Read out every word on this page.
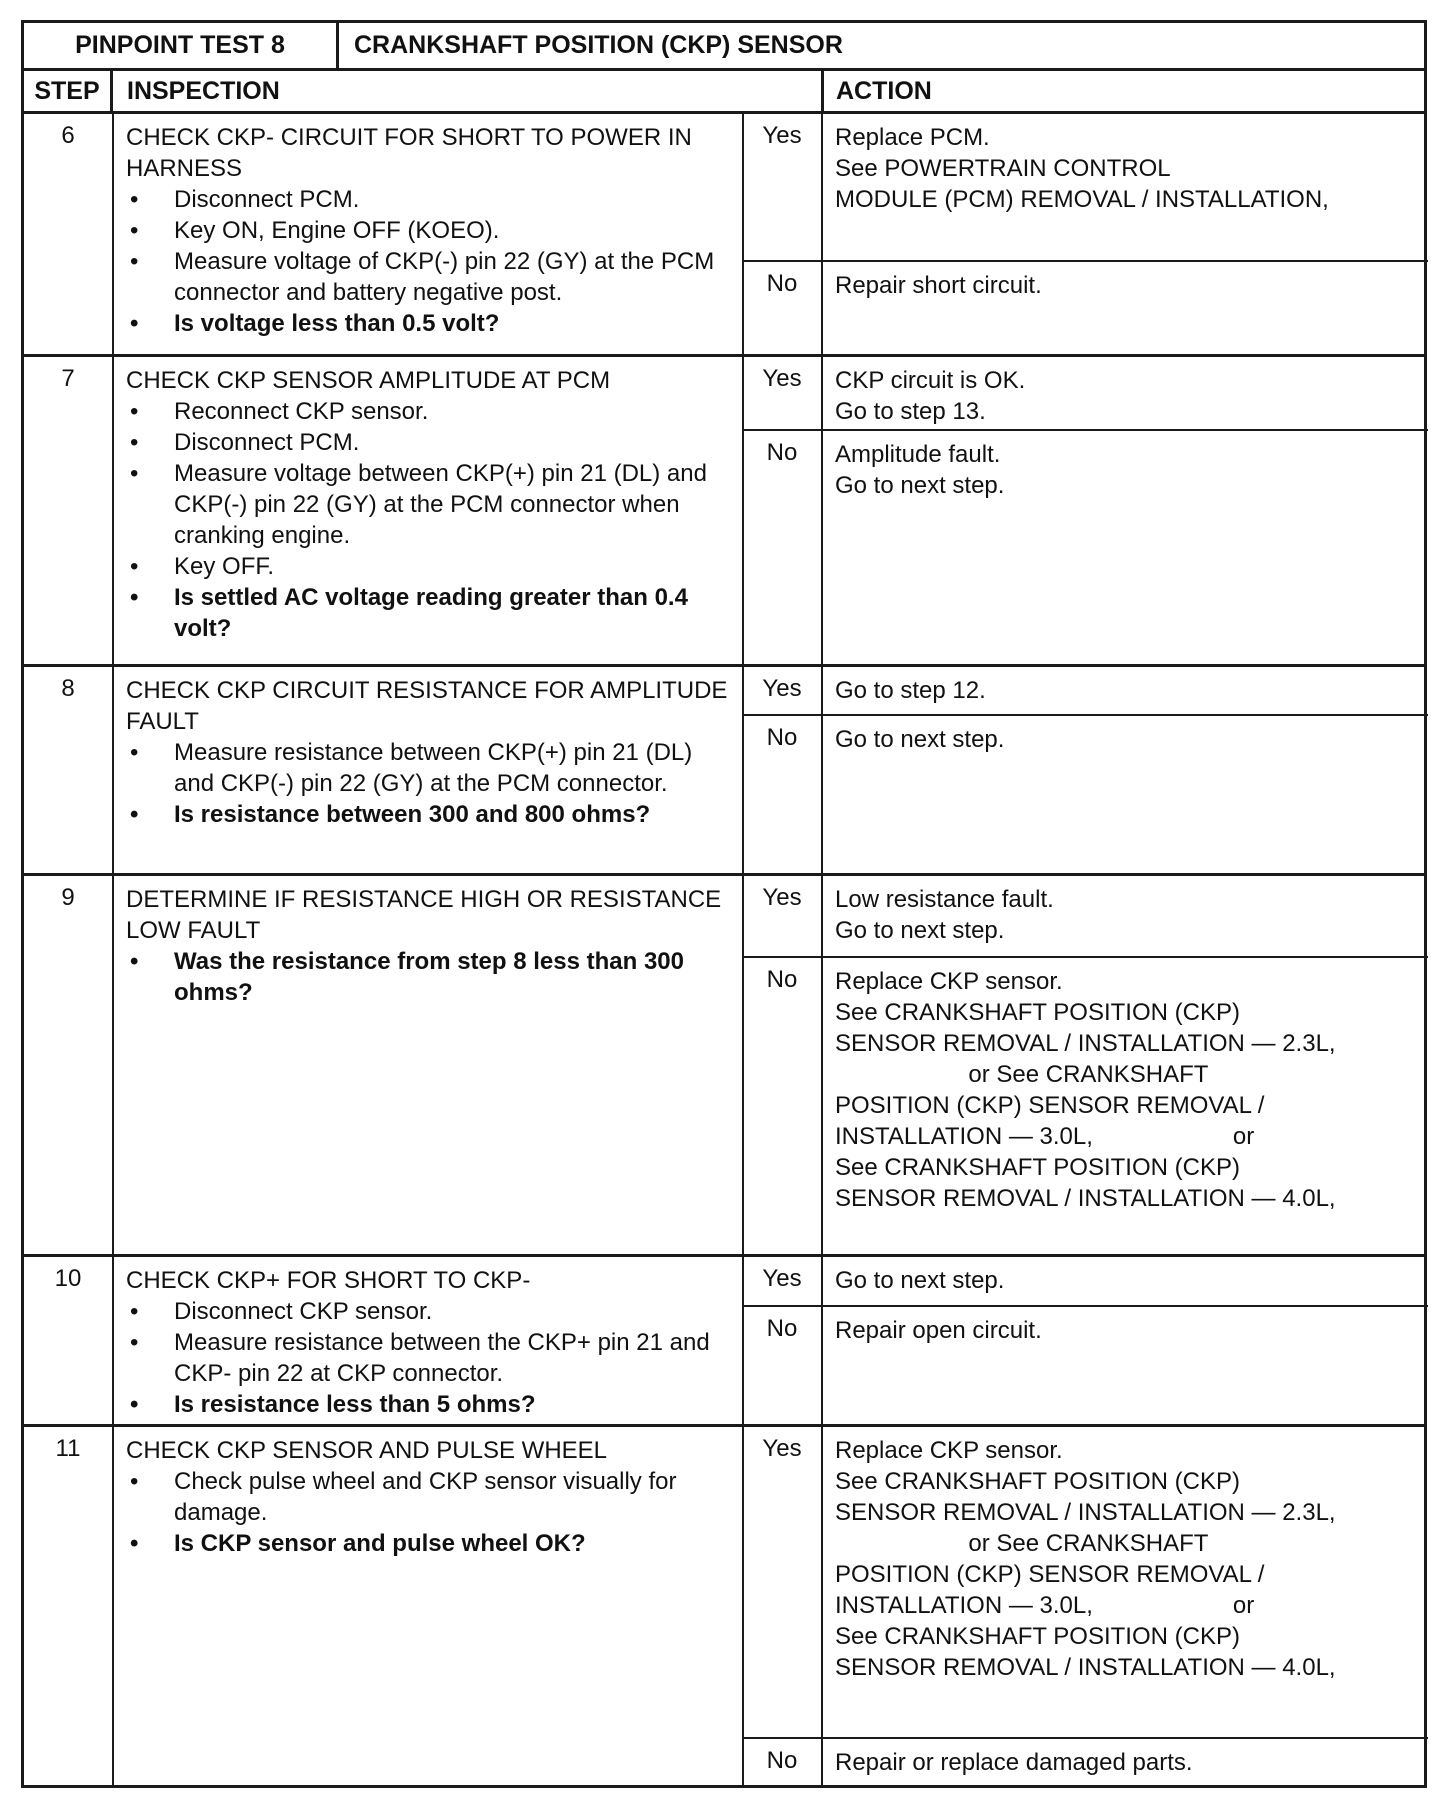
PINPOINT TEST 8	CRANKSHAFT POSITION (CKP) SENSOR
STEP	INSPECTION	ACTION
6	CHECK CKP- CIRCUIT FOR SHORT TO POWER IN HARNESS
• Disconnect PCM.
• Key ON, Engine OFF (KOEO).
• Measure voltage of CKP(-) pin 22 (GY) at the PCM connector and battery negative post.
• Is voltage less than 0.5 volt?
Yes	Replace PCM.
See POWERTRAIN CONTROL
MODULE (PCM) REMOVAL / INSTALLATION,
No	Repair short circuit.
7	CHECK CKP SENSOR AMPLITUDE AT PCM
• Reconnect CKP sensor.
• Disconnect PCM.
• Measure voltage between CKP(+) pin 21 (DL) and CKP(-) pin 22 (GY) at the PCM connector when cranking engine.
• Key OFF.
• Is settled AC voltage reading greater than 0.4 volt?
Yes	CKP circuit is OK.
Go to step 13.
No	Amplitude fault.
Go to next step.
8	CHECK CKP CIRCUIT RESISTANCE FOR AMPLITUDE FAULT
• Measure resistance between CKP(+) pin 21 (DL) and CKP(-) pin 22 (GY) at the PCM connector.
• Is resistance between 300 and 800 ohms?
Yes	Go to step 12.
No	Go to next step.
9	DETERMINE IF RESISTANCE HIGH OR RESISTANCE LOW FAULT
• Was the resistance from step 8 less than 300 ohms?
Yes	Low resistance fault.
Go to next step.
No	Replace CKP sensor.
See CRANKSHAFT POSITION (CKP)
SENSOR REMOVAL / INSTALLATION — 2.3L,
or See CRANKSHAFT
POSITION (CKP) SENSOR REMOVAL /
INSTALLATION — 3.0L,                     or
See CRANKSHAFT POSITION (CKP)
SENSOR REMOVAL / INSTALLATION — 4.0L,
10	CHECK CKP+ FOR SHORT TO CKP-
• Disconnect CKP sensor.
• Measure resistance between the CKP+ pin 21 and CKP- pin 22 at CKP connector.
• Is resistance less than 5 ohms?
Yes	Go to next step.
No	Repair open circuit.
11	CHECK CKP SENSOR AND PULSE WHEEL
• Check pulse wheel and CKP sensor visually for damage.
• Is CKP sensor and pulse wheel OK?
Yes	Replace CKP sensor.
See CRANKSHAFT POSITION (CKP)
SENSOR REMOVAL / INSTALLATION — 2.3L,
or See CRANKSHAFT
POSITION (CKP) SENSOR REMOVAL /
INSTALLATION — 3.0L,                     or
See CRANKSHAFT POSITION (CKP)
SENSOR REMOVAL / INSTALLATION — 4.0L,
No	Repair or replace damaged parts.
